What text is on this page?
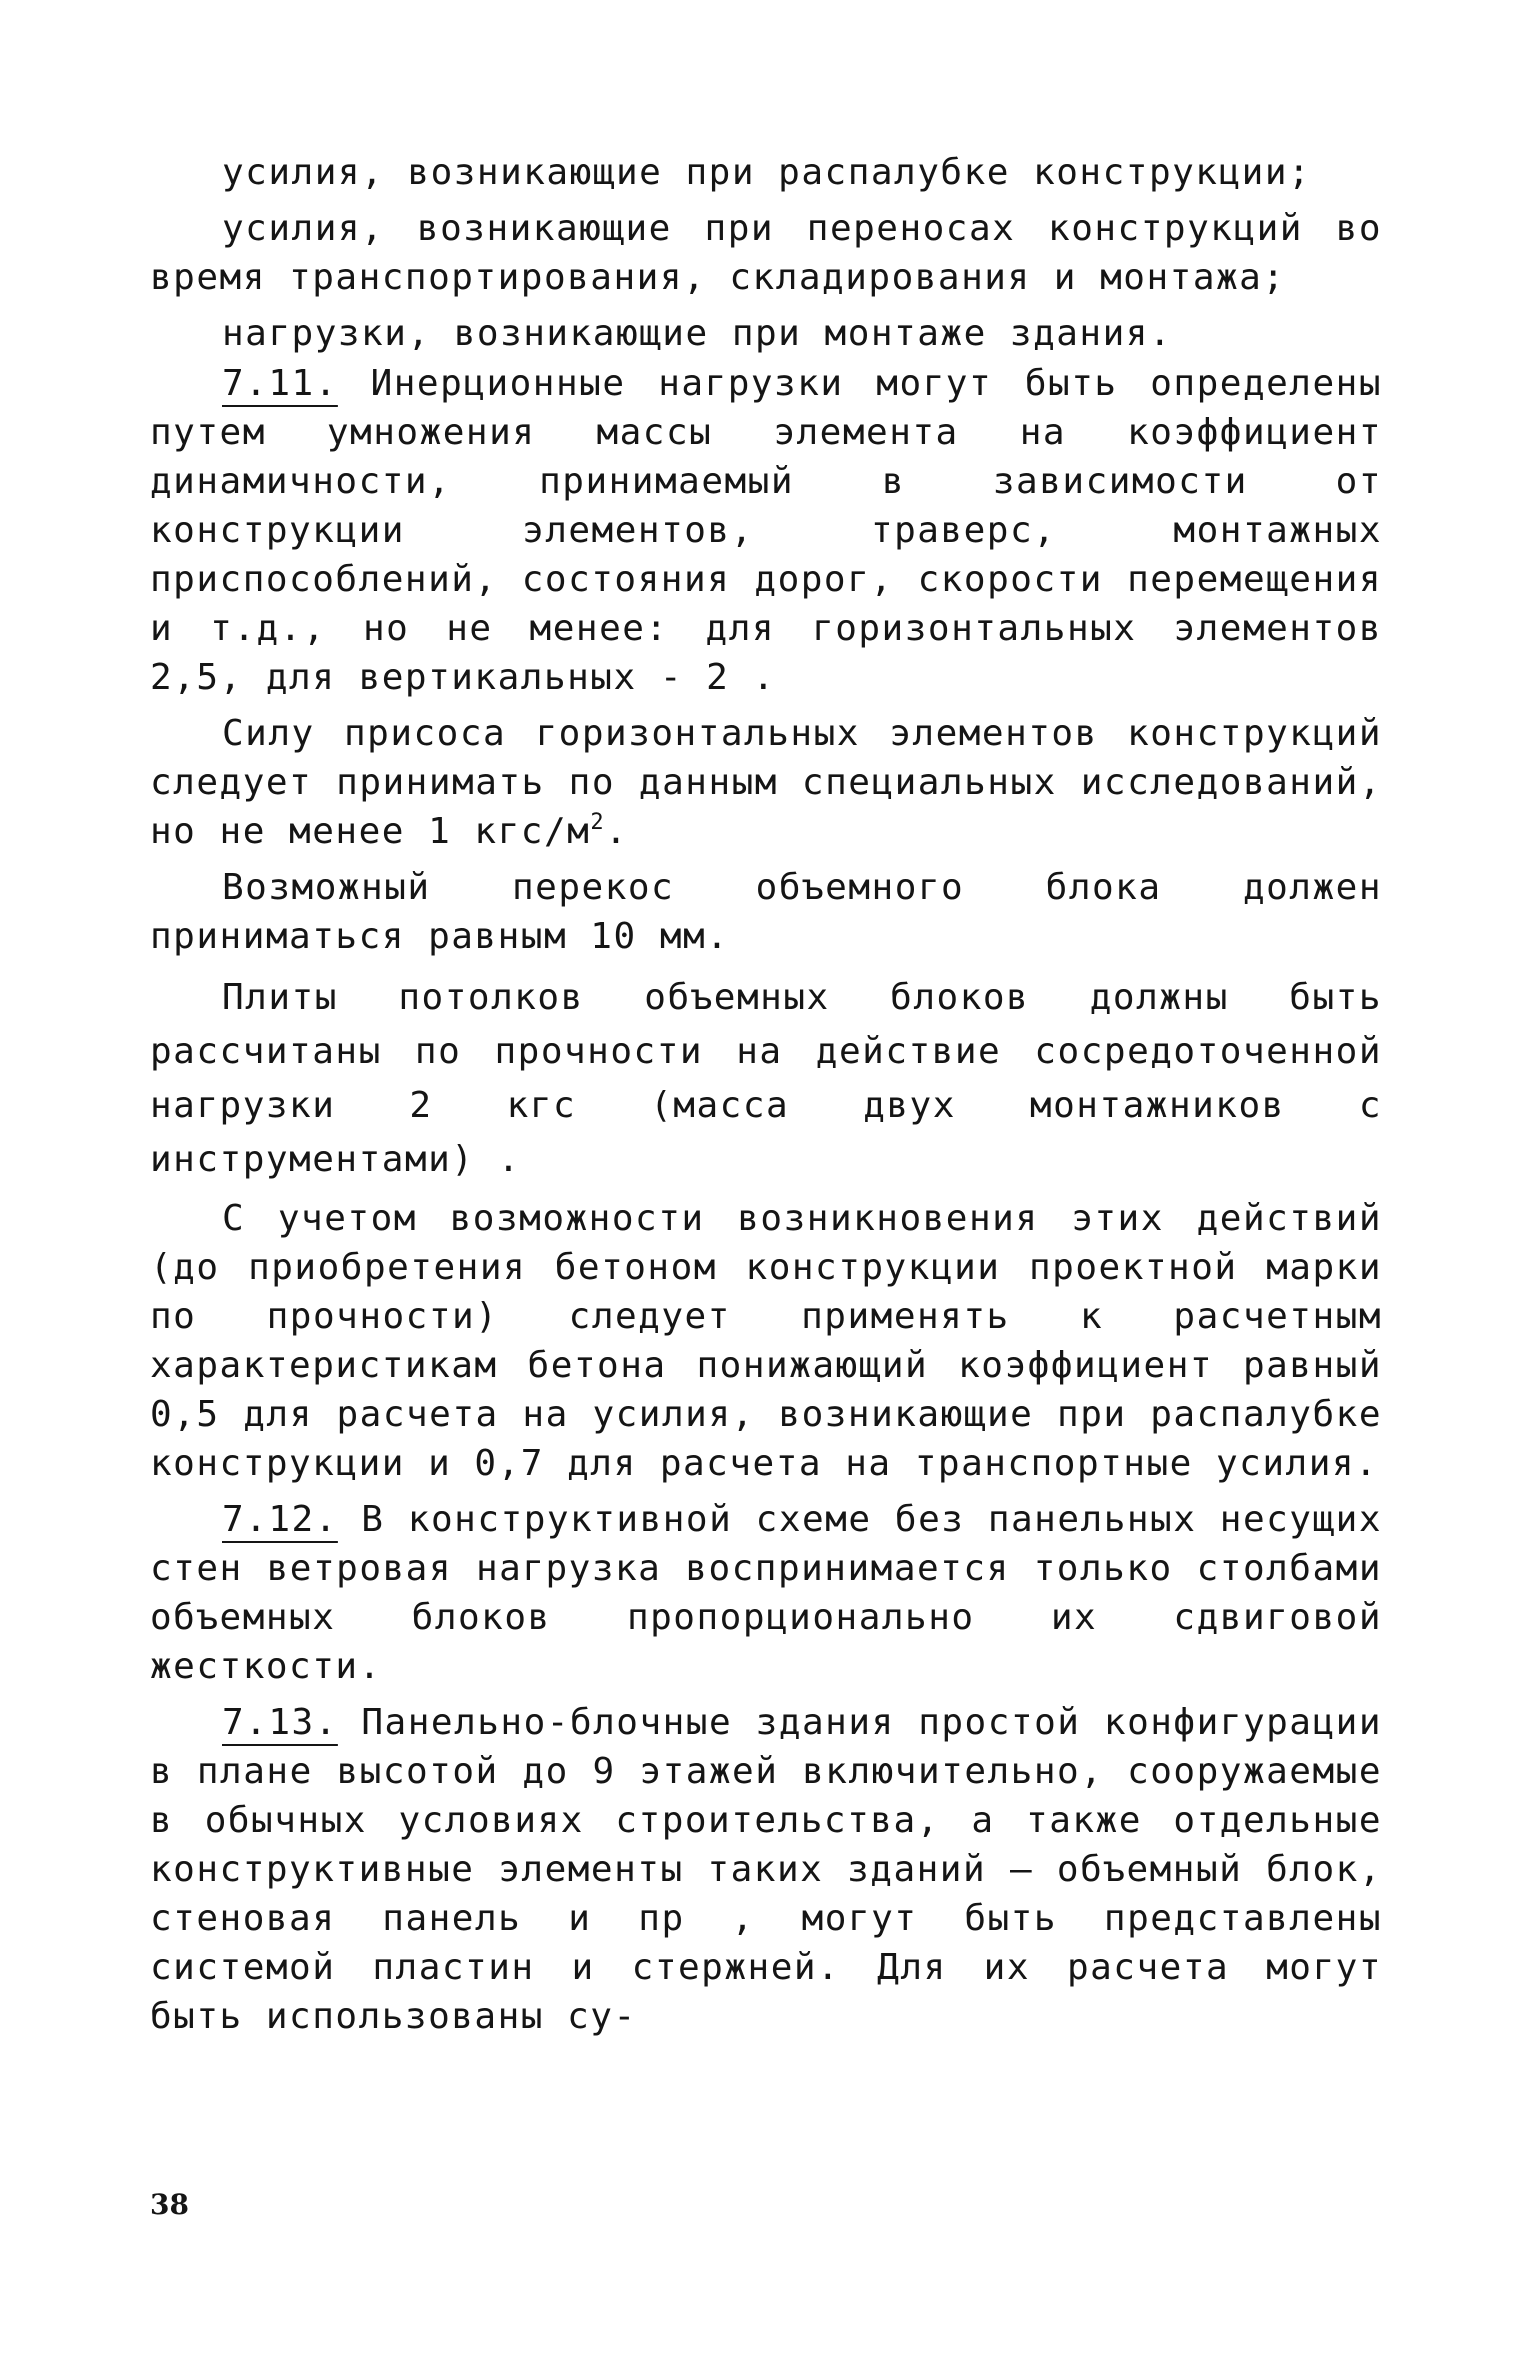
усилия, возникающие при распалубке конструкции;

усилия, возникающие при переносах конструкций во время транспортирования, складирования и монтажа;

нагрузки, возникающие при монтаже здания.

7.11. Инерционные нагрузки могут быть определены путем умножения массы элемента на коэффициент динамичности, принимаемый в зависимости от конструкции элементов, траверс, монтажных приспособлений, состояния дорог, скорости перемещения и т.д., но не менее: для горизонтальных элементов 2,5, для вертикальных - 2 .

Силу присоса горизонтальных элементов конструкций следует принимать по данным специальных исследований, но не менее 1 кгс/$м^2$.

Возможный перекос объемного блока должен приниматься равным 10 мм.

Плиты потолков объемных блоков должны быть рассчитаны по прочности на действие сосредоточенной нагрузки 2 кгс (масса двух монтажников с инструментами) .

С учетом возможности возникновения этих действий (до приобретения бетоном конструкции проектной марки по прочности) следует применять к расчетным характеристикам бетона понижающий коэффициент равный 0,5 для расчета на усилия, возникающие при распалубке конструкции и 0,7 для расчета на транспортные усилия.

7.12. В конструктивной схеме без панельных несущих стен ветровая нагрузка воспринимается только столбами объемных блоков пропорционально их сдвиговой жесткости.

7.13. Панельно-блочные здания простой конфигурации в плане высотой до 9 этажей включительно, сооружаемые в обычных условиях строительства, а также отдельные конструктивные элементы таких зданий — объемный блок, стеновая панель и пр , могут быть представлены системой пластин и стержней. Для их расчета могут быть использованы су-

38
